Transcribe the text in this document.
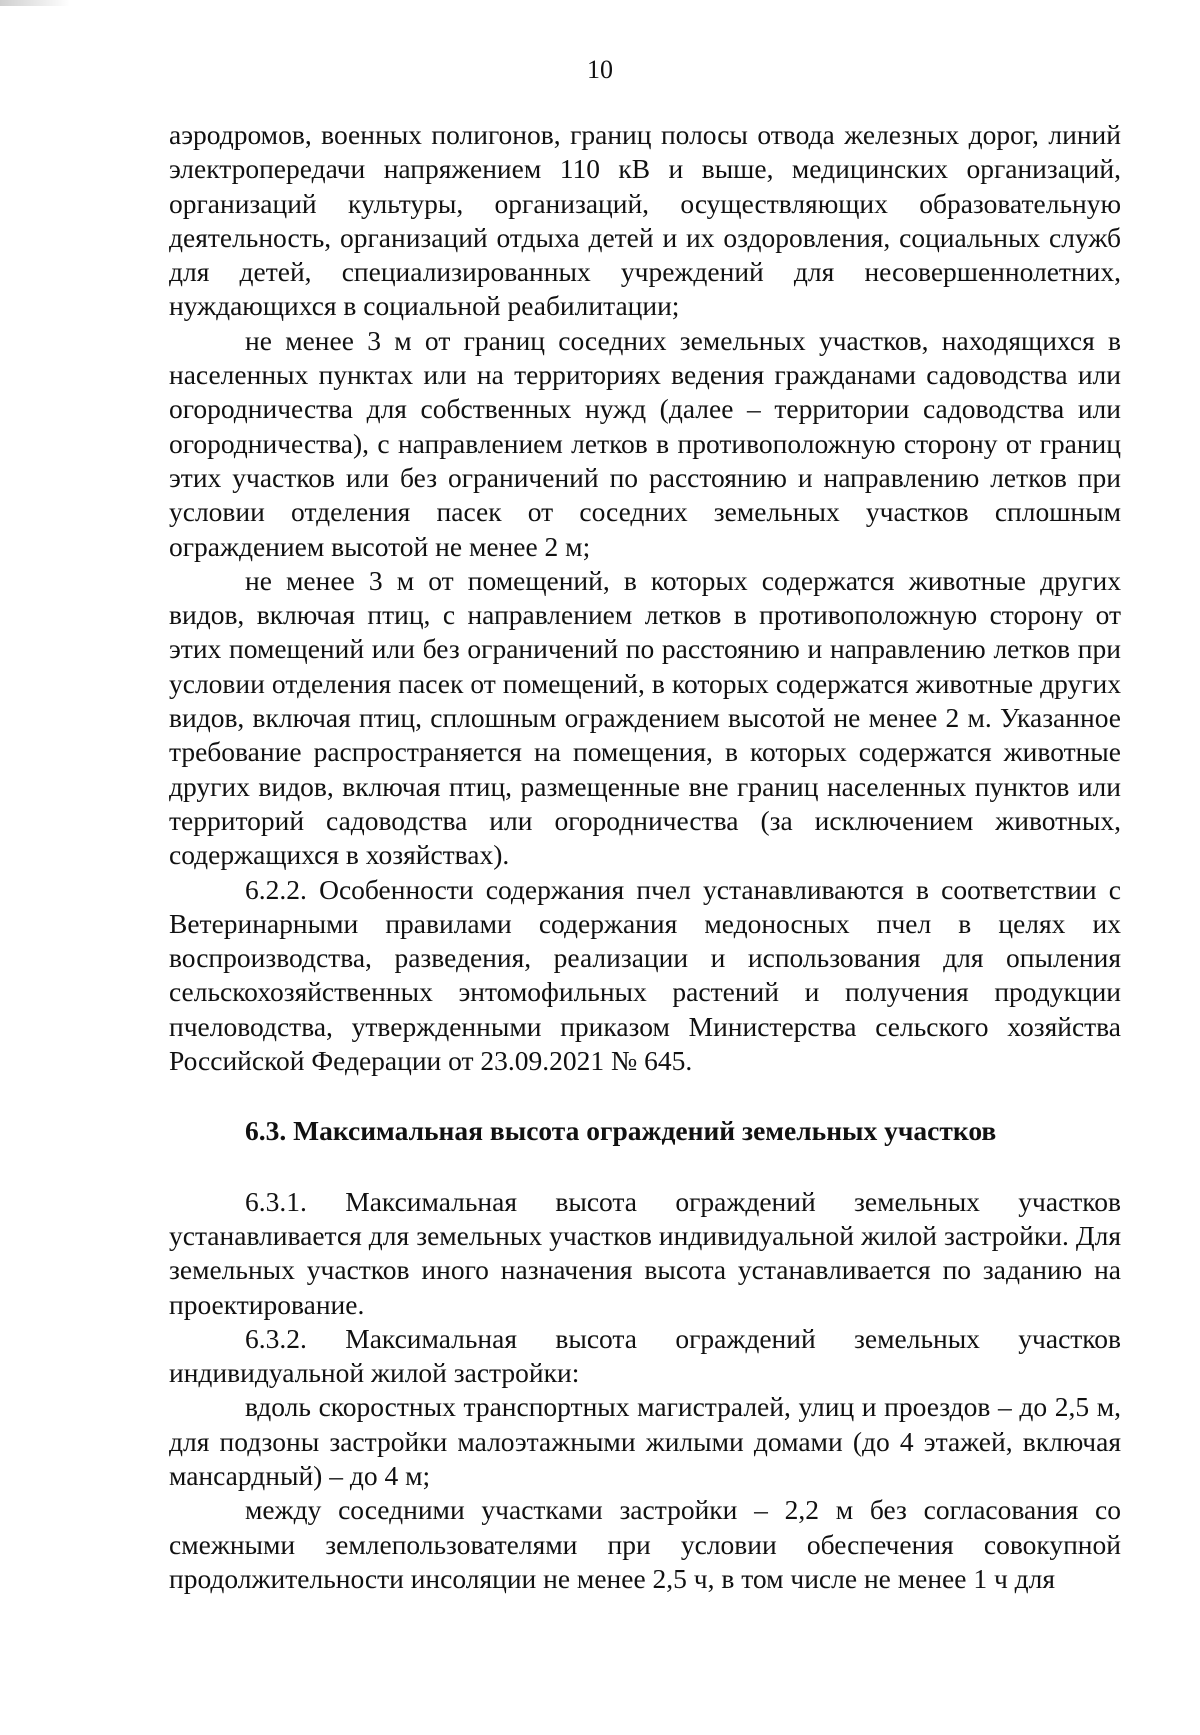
10

аэродромов, военных полигонов, границ полосы отвода железных дорог, линий электропередачи напряжением 110 кВ и выше, медицинских организаций, организаций культуры, организаций, осуществляющих образовательную деятельность, организаций отдыха детей и их оздоровления, социальных служб для детей, специализированных учреждений для несовершеннолетних, нуждающихся в социальной реабилитации;

не менее 3 м от границ соседних земельных участков, находящихся в населенных пунктах или на территориях ведения гражданами садоводства или огородничества для собственных нужд (далее – территории садоводства или огородничества), с направлением летков в противоположную сторону от границ этих участков или без ограничений по расстоянию и направлению летков при условии отделения пасек от соседних земельных участков сплошным ограждением высотой не менее 2 м;

не менее 3 м от помещений, в которых содержатся животные других видов, включая птиц, с направлением летков в противоположную сторону от этих помещений или без ограничений по расстоянию и направлению летков при условии отделения пасек от помещений, в которых содержатся животные других видов, включая птиц, сплошным ограждением высотой не менее 2 м. Указанное требование распространяется на помещения, в которых содержатся животные других видов, включая птиц, размещенные вне границ населенных пунктов или территорий садоводства или огородничества (за исключением животных, содержащихся в хозяйствах).

6.2.2. Особенности содержания пчел устанавливаются в соответствии с Ветеринарными правилами содержания медоносных пчел в целях их воспроизводства, разведения, реализации и использования для опыления сельскохозяйственных энтомофильных растений и получения продукции пчеловодства, утвержденными приказом Министерства сельского хозяйства Российской Федерации от 23.09.2021 № 645.

6.3. Максимальная высота ограждений земельных участков

6.3.1. Максимальная высота ограждений земельных участков устанавливается для земельных участков индивидуальной жилой застройки. Для земельных участков иного назначения высота устанавливается по заданию на проектирование.

6.3.2. Максимальная высота ограждений земельных участков индивидуальной жилой застройки:

вдоль скоростных транспортных магистралей, улиц и проездов – до 2,5 м, для подзоны застройки малоэтажными жилыми домами (до 4 этажей, включая мансардный) – до 4 м;

между соседними участками застройки – 2,2 м без согласования со смежными землепользователями при условии обеспечения совокупной продолжительности инсоляции не менее 2,5 ч, в том числе не менее 1 ч для
